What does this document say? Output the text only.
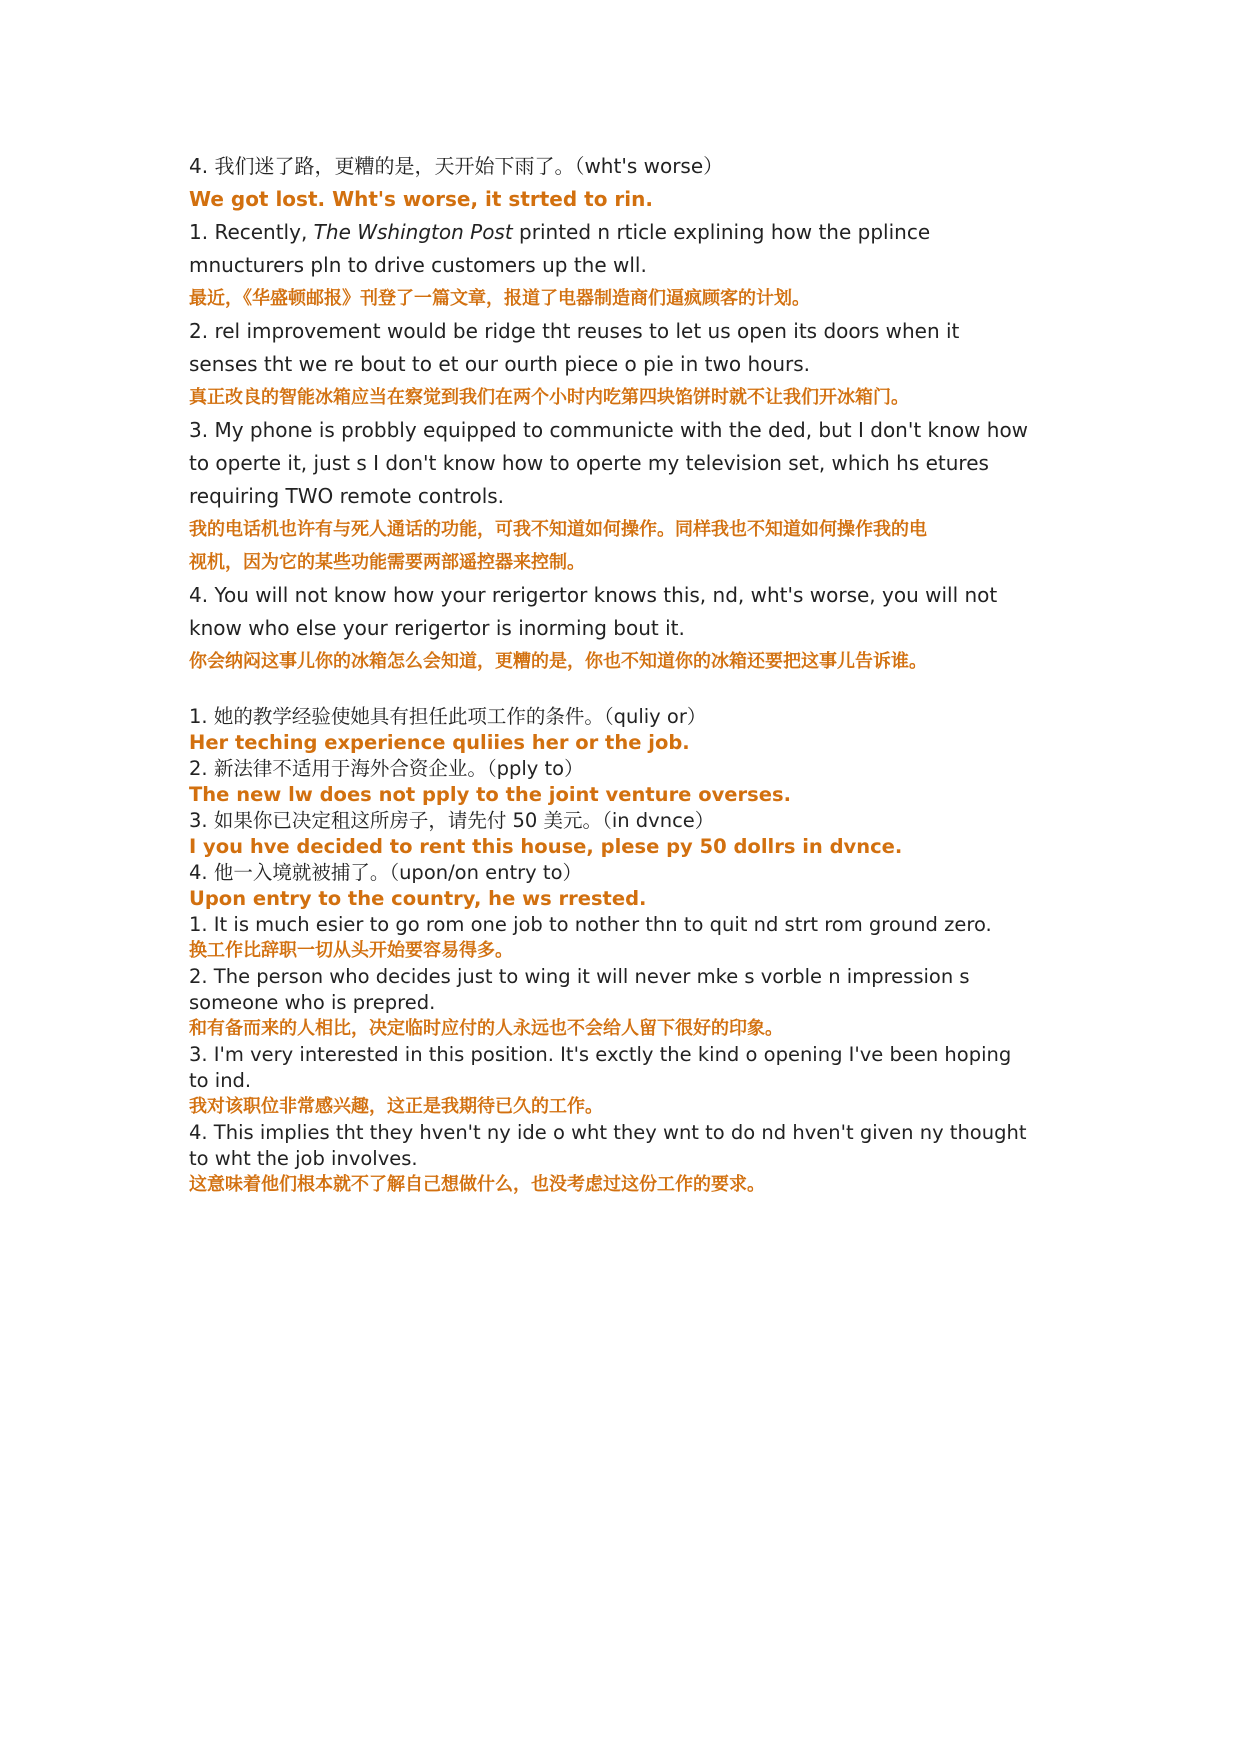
4. 我们迷了路，更糟的是，天开始下雨了。（wht's worse）
We got lost. Wht's worse, it strted to rin.
1. Recently, The Wshington Post printed n rticle explining how the pplince
mnucturers pln to drive customers up the wll.
最近，《华盛顿邮报》刊登了一篇文章，报道了电器制造商们逼疯顾客的计划。
2. rel improvement would be ridge tht reuses to let us open its doors when it
senses tht we re bout to et our ourth piece o pie in two hours.
真正改良的智能冰箱应当在察觉到我们在两个小时内吃第四块馅饼时就不让我们开冰箱门。
3. My phone is probbly equipped to communicte with the ded, but I don't know how
to operte it, just s I don't know how to operte my television set, which hs etures
requiring TWO remote controls.
我的电话机也许有与死人通话的功能，可我不知道如何操作。同样我也不知道如何操作我的电
视机，因为它的某些功能需要两部遥控器来控制。
4. You will not know how your rerigertor knows this, nd, wht's worse, you will not
know who else your rerigertor is inorming bout it.
你会纳闷这事儿你的冰箱怎么会知道，更糟的是，你也不知道你的冰箱还要把这事儿告诉谁。
1. 她的教学经验使她具有担任此项工作的条件。（quliy or）
Her teching experience quliies her or the job.
2. 新法律不适用于海外合资企业。（pply to）
The new lw does not pply to the joint venture overses.
3. 如果你已决定租这所房子，请先付 50 美元。（in dvnce）
I you hve decided to rent this house, plese py 50 dollrs in dvnce.
4. 他一入境就被捕了。（upon/on entry to）
Upon entry to the country, he ws rrested.
1. It is much esier to go rom one job to nother thn to quit nd strt rom ground zero.
换工作比辞职一切从头开始要容易得多。
2. The person who decides just to wing it will never mke s vorble n impression s
someone who is prepred.
和有备而来的人相比，决定临时应付的人永远也不会给人留下很好的印象。
3. I'm very interested in this position. It's exctly the kind o opening I've been hoping
to ind.
我对该职位非常感兴趣，这正是我期待已久的工作。
4. This implies tht they hven't ny ide o wht they wnt to do nd hven't given ny thought
to wht the job involves.
这意味着他们根本就不了解自己想做什么，也没考虑过这份工作的要求。
